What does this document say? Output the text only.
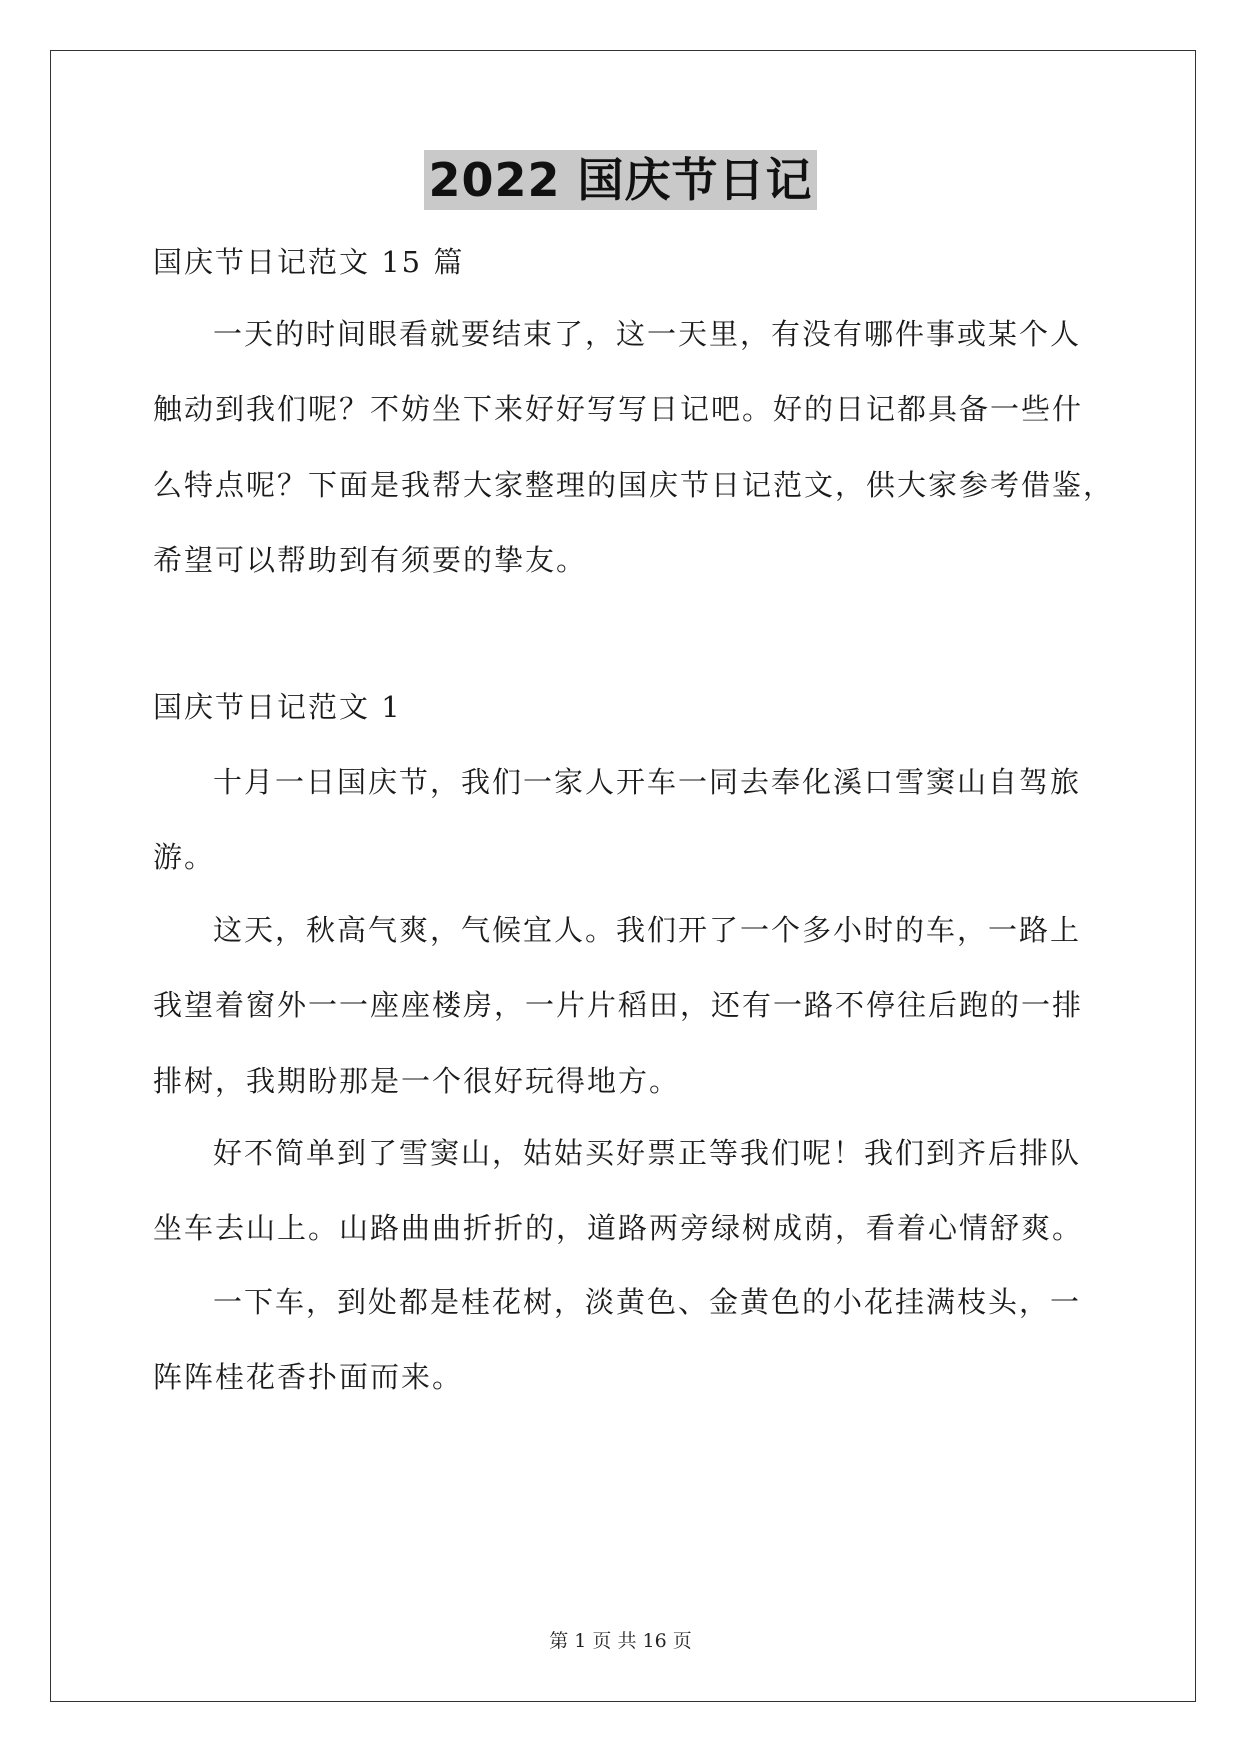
2022 国庆节日记
国庆节日记范文 15 篇
一天的时间眼看就要结束了，这一天里，有没有哪件事或某个人
触动到我们呢？不妨坐下来好好写写日记吧。好的日记都具备一些什
么特点呢？下面是我帮大家整理的国庆节日记范文，供大家参考借鉴，
希望可以帮助到有须要的挚友。
国庆节日记范文 1
十月一日国庆节，我们一家人开车一同去奉化溪口雪窦山自驾旅
游。
这天，秋高气爽，气候宜人。我们开了一个多小时的车，一路上
我望着窗外一一座座楼房，一片片稻田，还有一路不停往后跑的一排
排树，我期盼那是一个很好玩得地方。
好不简单到了雪窦山，姑姑买好票正等我们呢！我们到齐后排队
坐车去山上。山路曲曲折折的，道路两旁绿树成荫，看着心情舒爽。
一下车，到处都是桂花树，淡黄色、金黄色的小花挂满枝头，一
阵阵桂花香扑面而来。
第 1 页 共 16 页
